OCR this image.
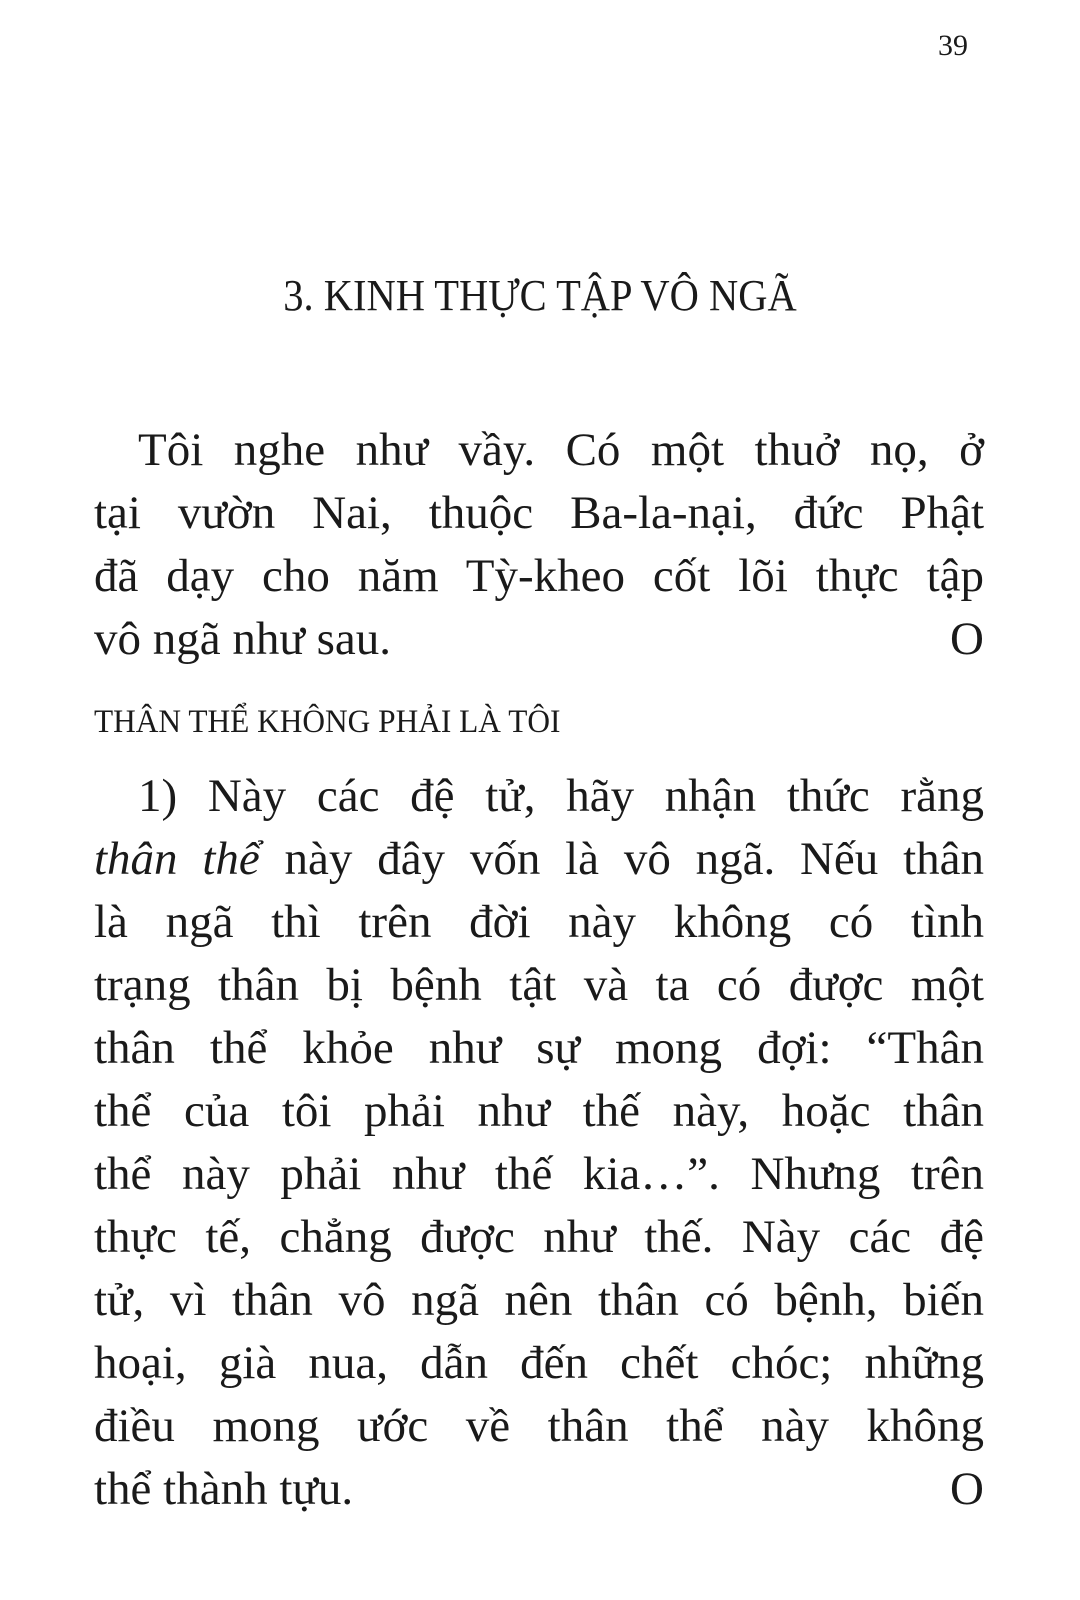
39
3. KINH THỰC TẬP VÔ NGÃ
Tôi nghe như vầy. Có một thuở nọ, ở
tại vườn Nai, thuộc Ba-la-nại, đức Phật
đã dạy cho năm Tỳ-kheo cốt lõi thực tập
vô ngã như sau.	O
THÂN THỂ KHÔNG PHẢI LÀ TÔI
1) Này các đệ tử, hãy nhận thức rằng
thân thể này đây vốn là vô ngã. Nếu thân
là ngã thì trên đời này không có tình
trạng thân bị bệnh tật và ta có được một
thân thể khỏe như sự mong đợi: “Thân
thể của tôi phải như thế này, hoặc thân
thể này phải như thế kia…”. Nhưng trên
thực tế, chẳng được như thế. Này các đệ
tử, vì thân vô ngã nên thân có bệnh, biến
hoại, già nua, dẫn đến chết chóc; những
điều mong ước về thân thể này không
thể thành tựu.	O
